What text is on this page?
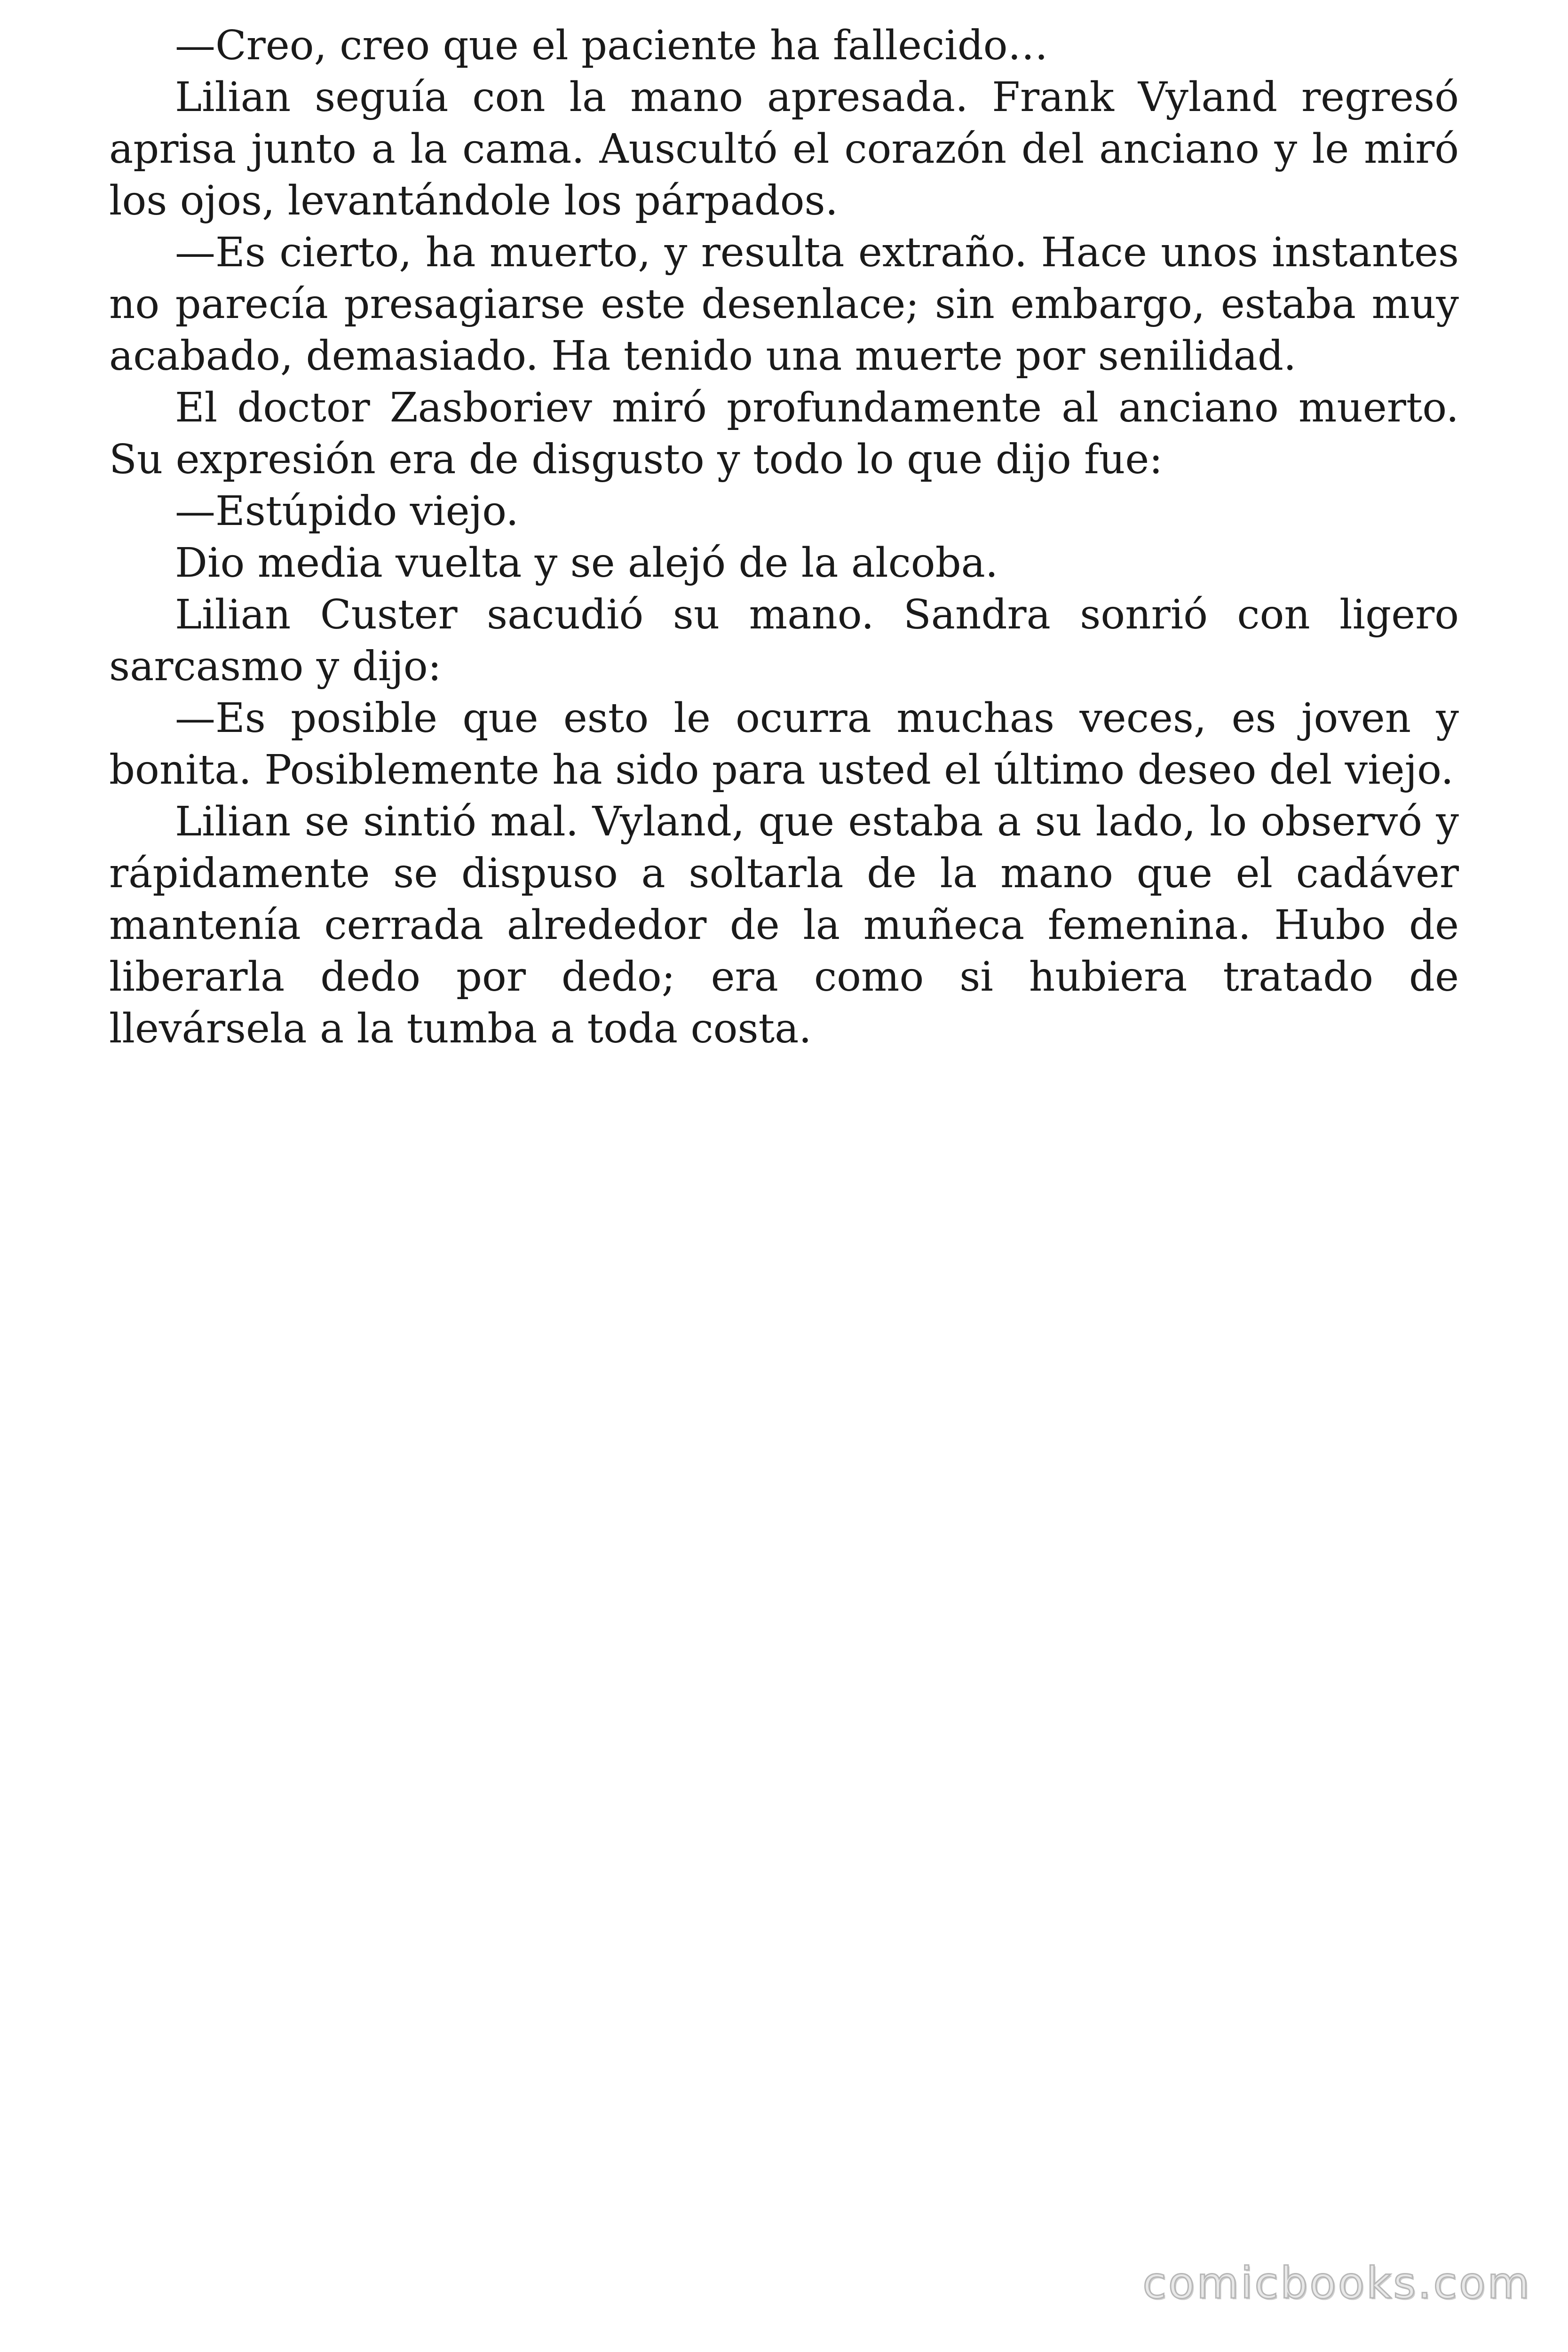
—Creo, creo que el paciente ha fallecido…

Lilian seguía con la mano apresada. Frank Vyland regresó aprisa junto a la cama. Auscultó el corazón del anciano y le miró los ojos, levantándole los párpados.

—Es cierto, ha muerto, y resulta extraño. Hace unos instantes no parecía presagiarse este desenlace; sin embargo, estaba muy acabado, demasiado. Ha tenido una muerte por senilidad.

El doctor Zasboriev miró profundamente al anciano muerto. Su expresión era de disgusto y todo lo que dijo fue:

—Estúpido viejo.

Dio media vuelta y se alejó de la alcoba.

Lilian Custer sacudió su mano. Sandra sonrió con ligero sarcasmo y dijo:

—Es posible que esto le ocurra muchas veces, es joven y bonita. Posiblemente ha sido para usted el último deseo del viejo.

Lilian se sintió mal. Vyland, que estaba a su lado, lo observó y rápidamente se dispuso a soltarla de la mano que el cadáver mantenía cerrada alrededor de la muñeca femenina. Hubo de liberarla dedo por dedo; era como si hubiera tratado de llevársela a la tumba a toda costa.

comicbooks.com
